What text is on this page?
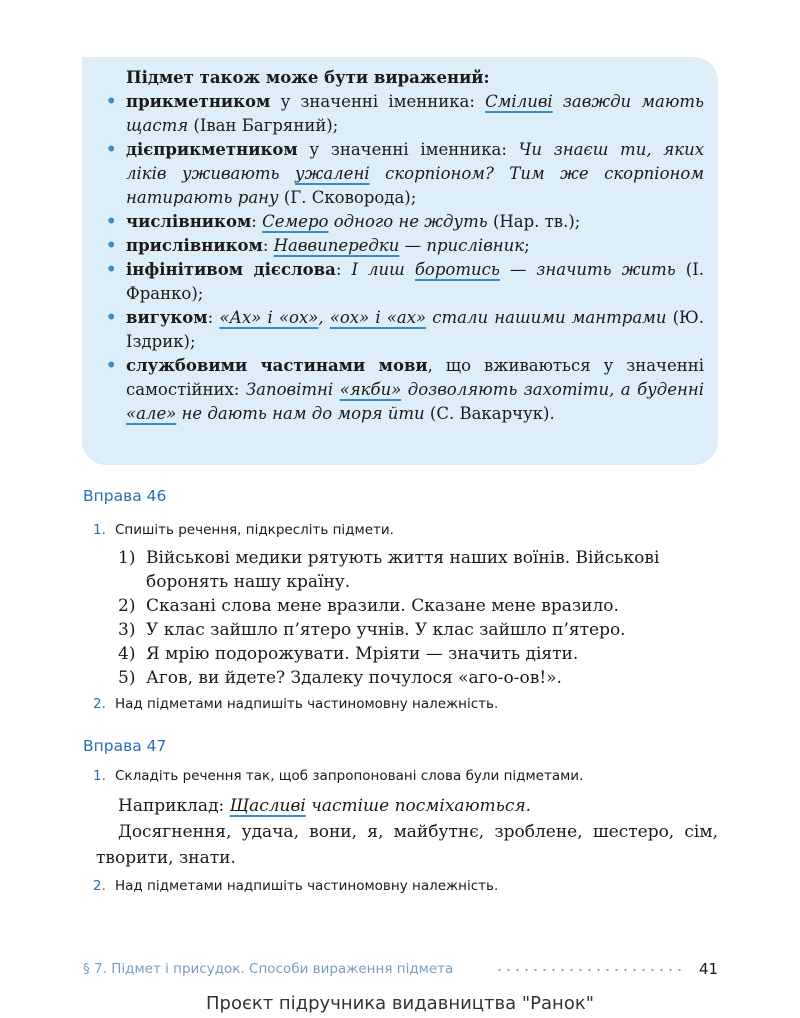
Підмет також може бути виражений:
• прикметником у значенні іменника: Сміливі завжди мають щастя (Іван Багряний);
• дієприкметником у значенні іменника: Чи знаєш ти, яких ліків уживають ужалені скорпіоном? Тим же скорпіоном натирають рану (Г. Сковорода);
• числівником: Семеро одного не ждуть (Нар. тв.);
• прислівником: Наввипередки — прислівник;
• інфінітивом дієслова: І лиш боротись — значить жить (І. Франко);
• вигуком: «Ах» і «ох», «ох» і «ах» стали нашими мантрами (Ю. Іздрик);
• службовими частинами мови, що вживаються у значенні самостійних: Заповітні «якби» дозволяють захотіти, а буденні «але» не дають нам до моря йти (С. Вакарчук).
Вправа 46
1. Спишіть речення, підкресліть підмети.
1) Військові медики рятують життя наших воїнів. Військові боронять нашу країну.
2) Сказані слова мене вразили. Сказане мене вразило.
3) У клас зайшло п’ятеро учнів. У клас зайшло п’ятеро.
4) Я мрію подорожувати. Мріяти — значить діяти.
5) Агов, ви йдете? Здалеку почулося «аго-о-ов!».
2. Над підметами надпишіть частиномовну належність.
Вправа 47
1. Складіть речення так, щоб запропоновані слова були підметами.
Наприклад: Щасливі частіше посміхаються.
Досягнення, удача, вони, я, майбутнє, зроблене, шестеро, сім, творити, знати.
2. Над підметами надпишіть частиномовну належність.
§ 7. Підмет і присудок. Способи вираження підмета	41
Проєкт підручника видавництва "Ранок"
